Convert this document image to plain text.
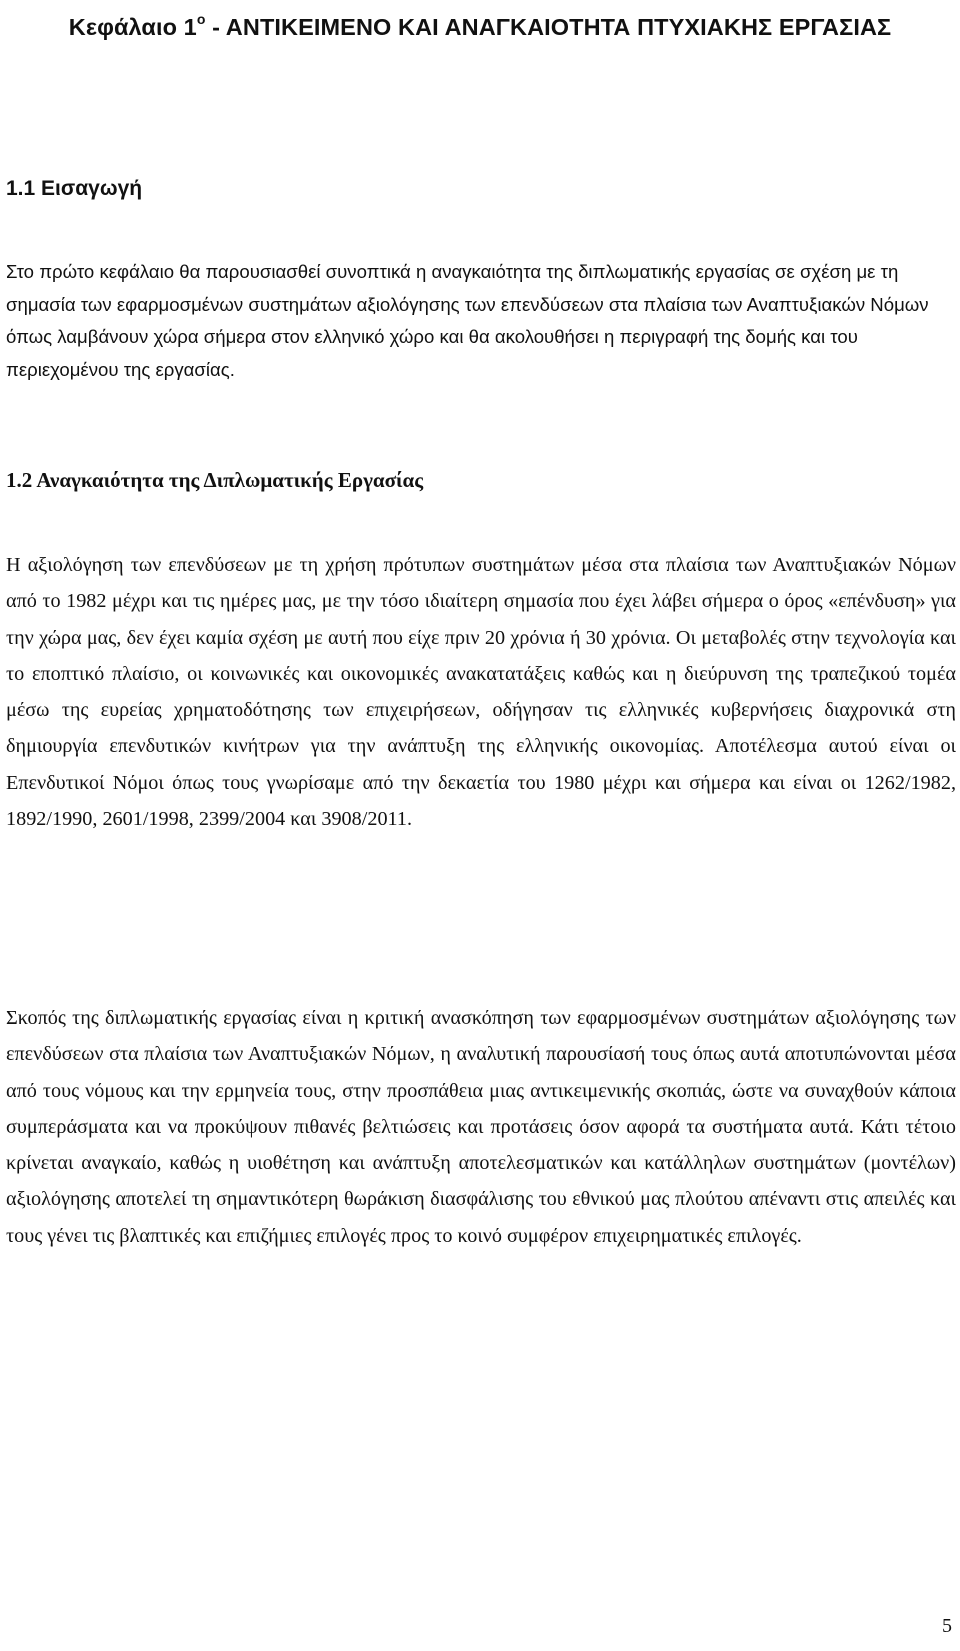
Κεφάλαιο $1^o$ - ΑΝΤΙΚΕΙΜΕΝΟ ΚΑΙ ΑΝΑΓΚΑΙΟΤΗΤΑ ΠΤΥΧΙΑΚΗΣ ΕΡΓΑΣΙΑΣ
1.1 Εισαγωγή

Στο πρώτο κεφάλαιο θα παρουσιασθεί συνοπτικά η αναγκαιότητα της διπλωματικής εργασίας σε σχέση με τη σημασία των εφαρμοσμένων συστημάτων αξιολόγησης των επενδύσεων στα πλαίσια των Αναπτυξιακών Νόμων όπως λαμβάνουν χώρα σήμερα στον ελληνικό χώρο και θα ακολουθήσει η περιγραφή της δομής και του περιεχομένου της εργασίας.

1.2 Αναγκαιότητα της Διπλωματικής Εργασίας

Η αξιολόγηση των επενδύσεων με τη χρήση πρότυπων συστημάτων μέσα στα πλαίσια των Αναπτυξιακών Νόμων από το 1982 μέχρι και τις ημέρες μας, με την τόσο ιδιαίτερη σημασία που έχει λάβει σήμερα ο όρος «επένδυση» για την χώρα μας, δεν έχει καμία σχέση με αυτή που είχε πριν 20 χρόνια ή 30 χρόνια. Οι μεταβολές στην τεχνολογία και το εποπτικό πλαίσιο, οι κοινωνικές και οικονομικές ανακατατάξεις καθώς και η διεύρυνση της τραπεζικού τομέα μέσω της ευρείας χρηματοδότησης των επιχειρήσεων, οδήγησαν τις ελληνικές κυβερνήσεις διαχρονικά στη δημιουργία επενδυτικών κινήτρων για την ανάπτυξη της ελληνικής οικονομίας. Αποτέλεσμα αυτού είναι οι Επενδυτικοί Νόμοι όπως τους γνωρίσαμε από την δεκαετία του 1980 μέχρι και σήμερα και είναι οι 1262/1982, 1892/1990, 2601/1998, 2399/2004 και 3908/2011.

Σκοπός της διπλωματικής εργασίας είναι η κριτική ανασκόπηση των εφαρμοσμένων συστημάτων αξιολόγησης των επενδύσεων στα πλαίσια των Αναπτυξιακών Νόμων, η αναλυτική παρουσίασή τους όπως αυτά αποτυπώνονται μέσα από τους νόμους και την ερμηνεία τους, στην προσπάθεια μιας αντικειμενικής σκοπιάς, ώστε να συναχθούν κάποια συμπεράσματα και να προκύψουν πιθανές βελτιώσεις και προτάσεις όσον αφορά τα συστήματα αυτά. Κάτι τέτοιο κρίνεται αναγκαίο, καθώς η υιοθέτηση και ανάπτυξη αποτελεσματικών και κατάλληλων συστημάτων (μοντέλων) αξιολόγησης αποτελεί τη σημαντικότερη θωράκιση διασφάλισης του εθνικού μας πλούτου απέναντι στις απειλές και τους γένει τις βλαπτικές και επιζήμιες επιλογές προς το κοινό συμφέρον επιχειρηματικές επιλογές.

5
